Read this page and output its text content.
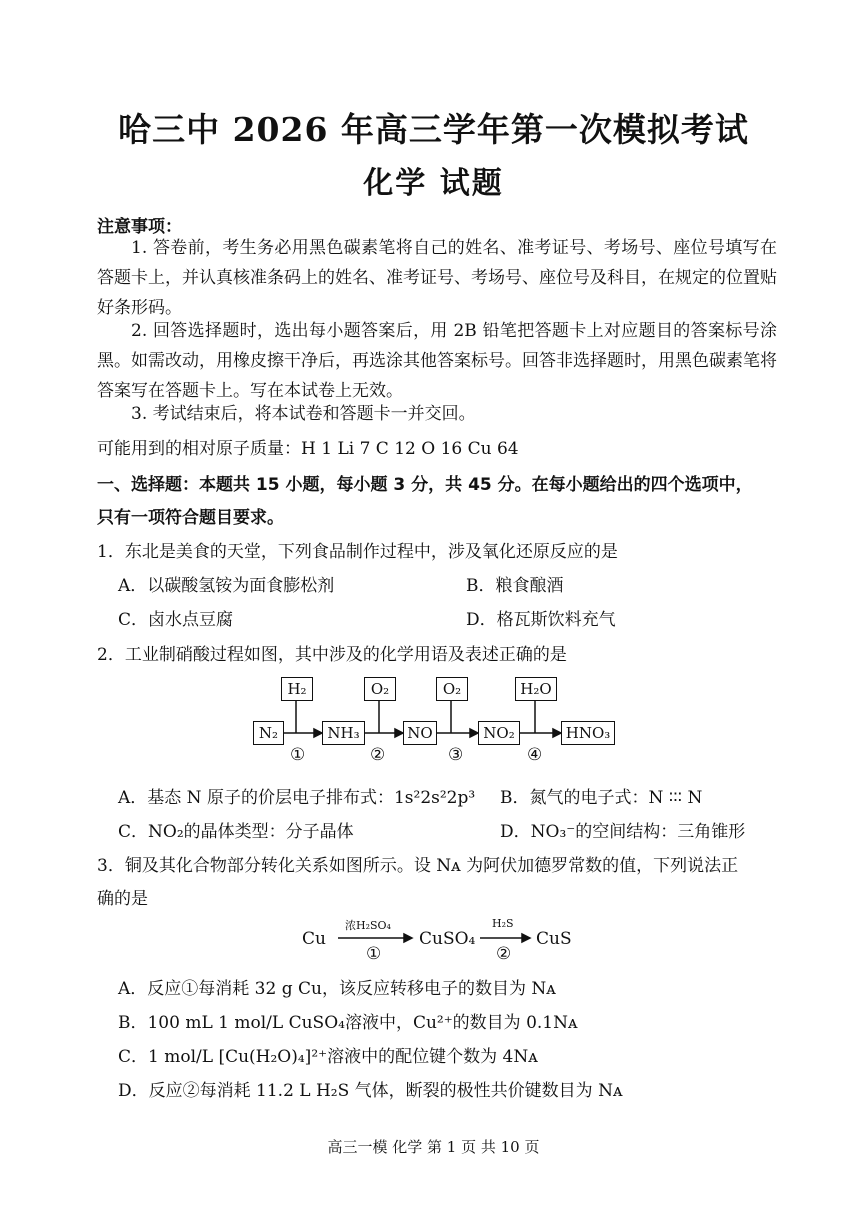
哈三中 2026 年高三学年第一次模拟考试
化学 试题
注意事项：
1. 答卷前，考生务必用黑色碳素笔将自己的姓名、准考证号、考场号、座位号填写在答题卡上，并认真核准条码上的姓名、准考证号、考场号、座位号及科目，在规定的位置贴好条形码。
2. 回答选择题时，选出每小题答案后，用 2B 铅笔把答题卡上对应题目的答案标号涂黑。如需改动，用橡皮擦干净后，再选涂其他答案标号。回答非选择题时，用黑色碳素笔将答案写在答题卡上。写在本试卷上无效。
3. 考试结束后，将本试卷和答题卡一并交回。
可能用到的相对原子质量：H 1 Li 7 C 12 O 16 Cu 64
一、选择题：本题共 15 小题，每小题 3 分，共 45 分。在每小题给出的四个选项中，
只有一项符合题目要求。
1．东北是美食的天堂，下列食品制作过程中，涉及氧化还原反应的是
A．以碳酸氢铵为面食膨松剂	B．粮食酿酒
C．卤水点豆腐	D．格瓦斯饮料充气
2．工业制硝酸过程如图，其中涉及的化学用语及表述正确的是
H₂	O₂	O₂	H₂O
N₂	NH₃	NO	NO₂	HNO₃
①	②	③	④
A．基态 N 原子的价层电子排布式：1s²2s²2p³ B．氮气的电子式：N ∶∶∶ N
C．NO₂的晶体类型：分子晶体	D．NO₃⁻的空间结构：三角锥形
3．铜及其化合物部分转化关系如图所示。设 Nᴀ 为阿伏加德罗常数的值，下列说法正
确的是
Cu
浓H₂SO₄
①
CuSO₄
H₂S
②
CuS
A．反应①每消耗 32 g Cu，该反应转移电子的数目为 Nᴀ
B．100 mL 1 mol/L CuSO₄溶液中，Cu²⁺的数目为 0.1Nᴀ
C．1 mol/L [Cu(H₂O)₄]²⁺溶液中的配位键个数为 4Nᴀ
D．反应②每消耗 11.2 L H₂S 气体，断裂的极性共价键数目为 Nᴀ
高三一模 化学 第 1 页 共 10 页
